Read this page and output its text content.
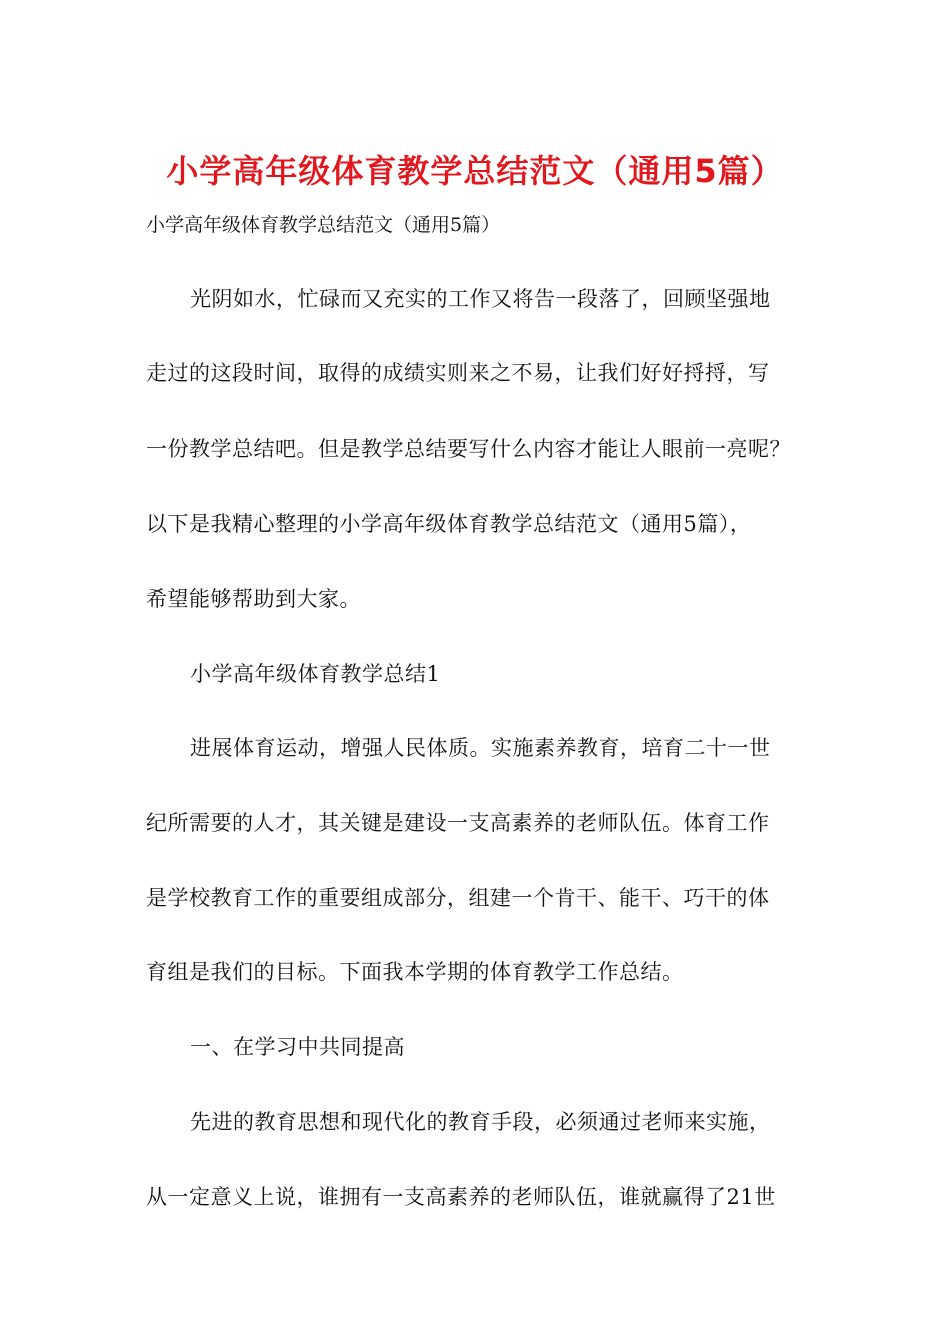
小学高年级体育教学总结范文（通用5篇）
小学高年级体育教学总结范文（通用5篇）
光阴如水，忙碌而又充实的工作又将告一段落了，回顾坚强地
走过的这段时间，取得的成绩实则来之不易，让我们好好捋捋，写
一份教学总结吧。但是教学总结要写什么内容才能让人眼前一亮呢？
以下是我精心整理的小学高年级体育教学总结范文（通用5篇），
希望能够帮助到大家。
小学高年级体育教学总结1
进展体育运动，增强人民体质。实施素养教育，培育二十一世
纪所需要的人才，其关键是建设一支高素养的老师队伍。体育工作
是学校教育工作的重要组成部分，组建一个肯干、能干、巧干的体
育组是我们的目标。下面我本学期的体育教学工作总结。
一、在学习中共同提高
先进的教育思想和现代化的教育手段，必须通过老师来实施，
从一定意义上说，谁拥有一支高素养的老师队伍，谁就赢得了21世
